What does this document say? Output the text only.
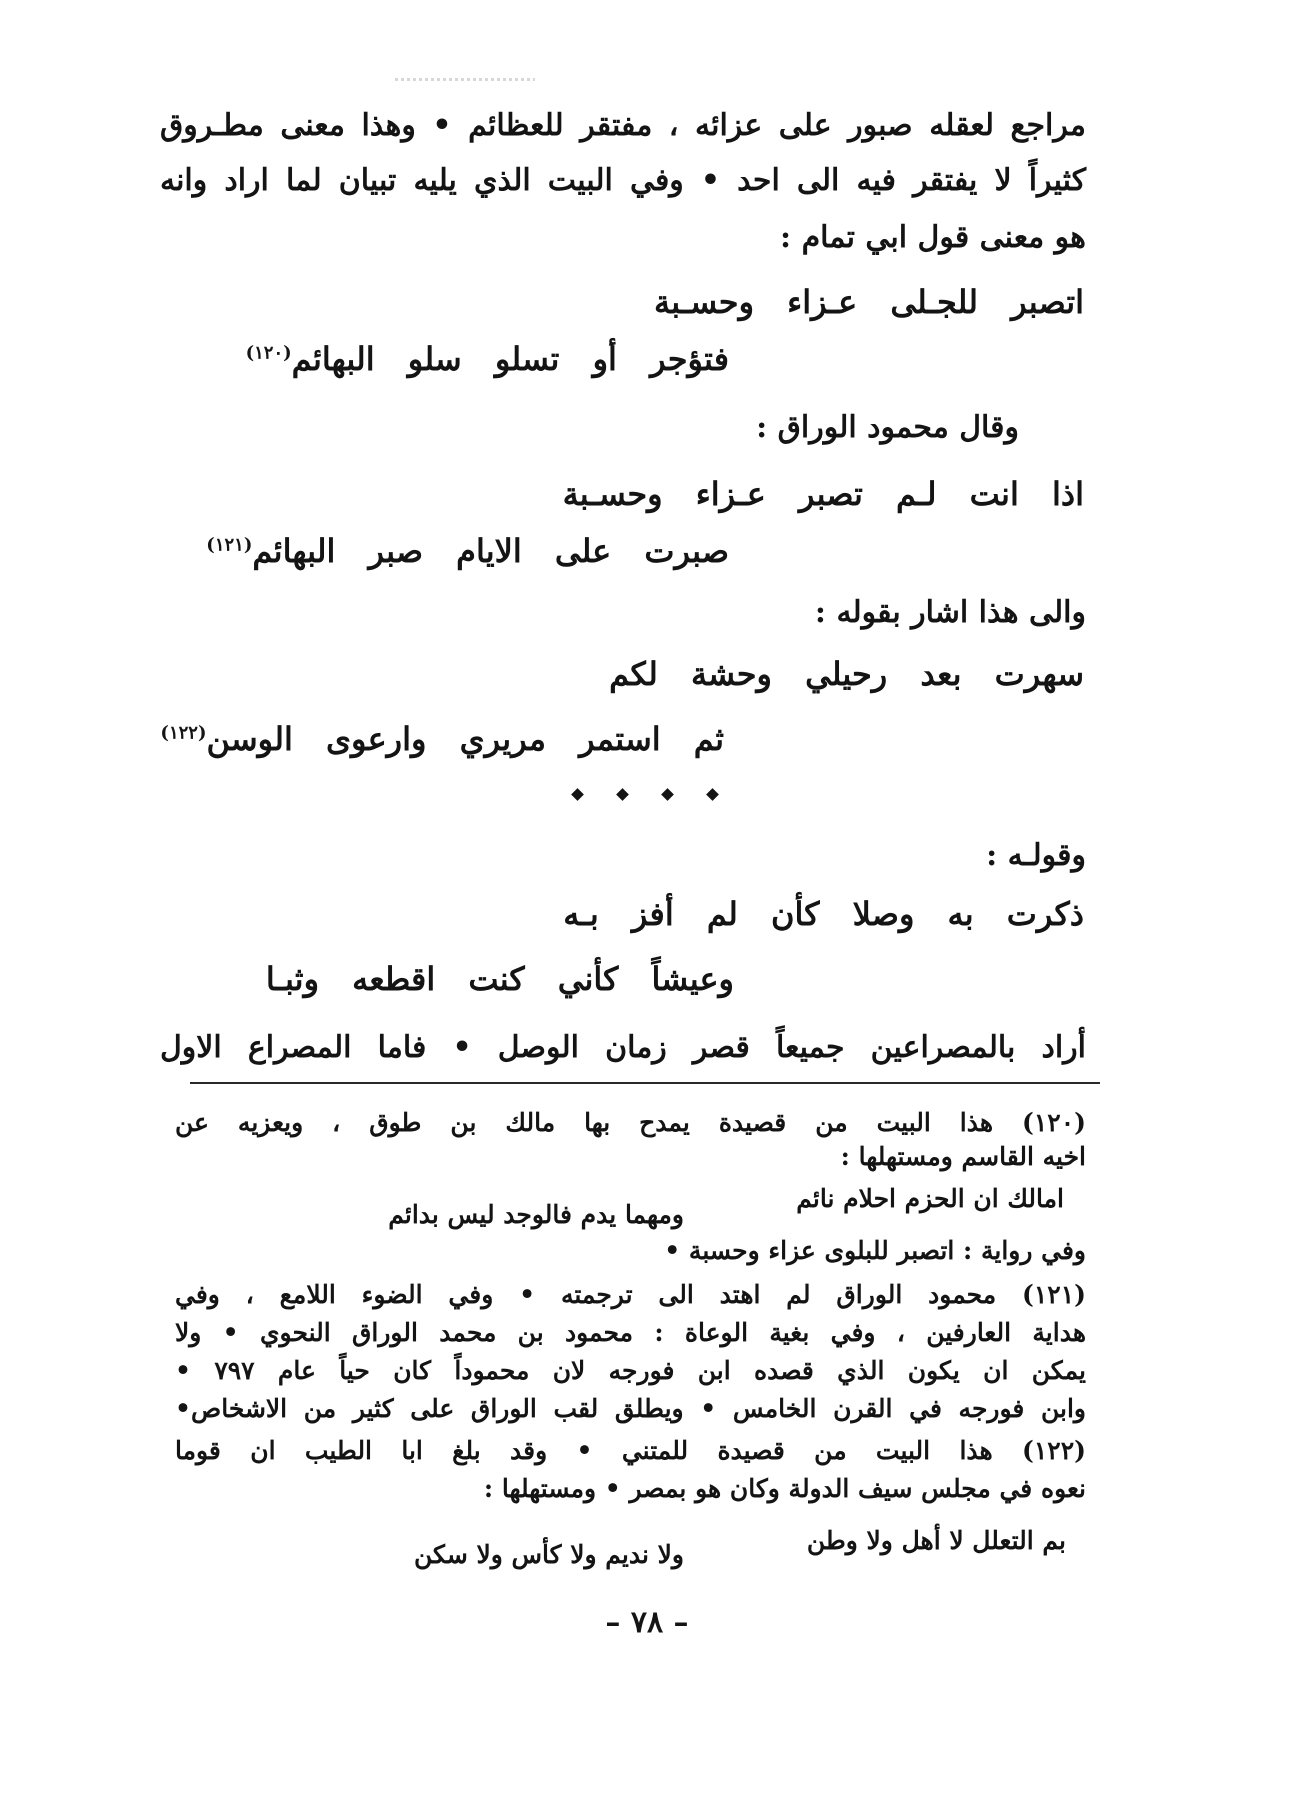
مراجع لعقله صبور على عزائه ، مفتقر للعظائم • وهذا معنى مطـروق
كثيراً لا يفتقر فيه الى احد • وفي البيت الذي يليه تبيان لما اراد وانه
هو معنى قول ابي تمام :
اتصبر للجـلى عـزاء وحسـبة
فتؤجر أو تسلو سلو البهائم$^{(١٢٠)}$
وقال محمود الوراق :
اذا انت لـم تصبر عـزاء وحسـبة
صبرت على الايام صبر البهائم$^{(١٢١)}$
والى هذا اشار بقوله :
سهرت بعد رحيلي وحشة لكم
ثم استمر مريري وارعوى الوسن$^{(١٢٢)}$
وقولـه :
ذكرت به وصلا كأن لم أفز بـه
وعيشاً كأني كنت اقطعه وثبـا
أراد بالمصراعين جميعاً قصر زمان الوصل • فاما المصراع الاول
(١٢٠) هذا البيت من قصيدة يمدح بها مالك بن طوق ، ويعزيه عن
اخيه القاسم ومستهلها :
امالك ان الحزم احلام نائم
ومهما يدم فالوجد ليس بدائم
وفي رواية : اتصبر للبلوى عزاء وحسبة •
(١٢١) محمود الوراق لم اهتد الى ترجمته • وفي الضوء اللامع ، وفي
هداية العارفين ، وفي بغية الوعاة : محمود بن محمد الوراق النحوي • ولا
يمكن ان يكون الذي قصده ابن فورجه لان محموداً كان حياً عام ٧٩٧ •
وابن فورجه في القرن الخامس • ويطلق لقب الوراق على كثير من الاشخاص•
(١٢٢) هذا البيت من قصيدة للمتني • وقد بلغ ابا الطيب ان قوما
نعوه في مجلس سيف الدولة وكان هو بمصر • ومستهلها :
بم التعلل لا أهل ولا وطن
ولا نديم ولا كأس ولا سكن
– ٧٨ –
